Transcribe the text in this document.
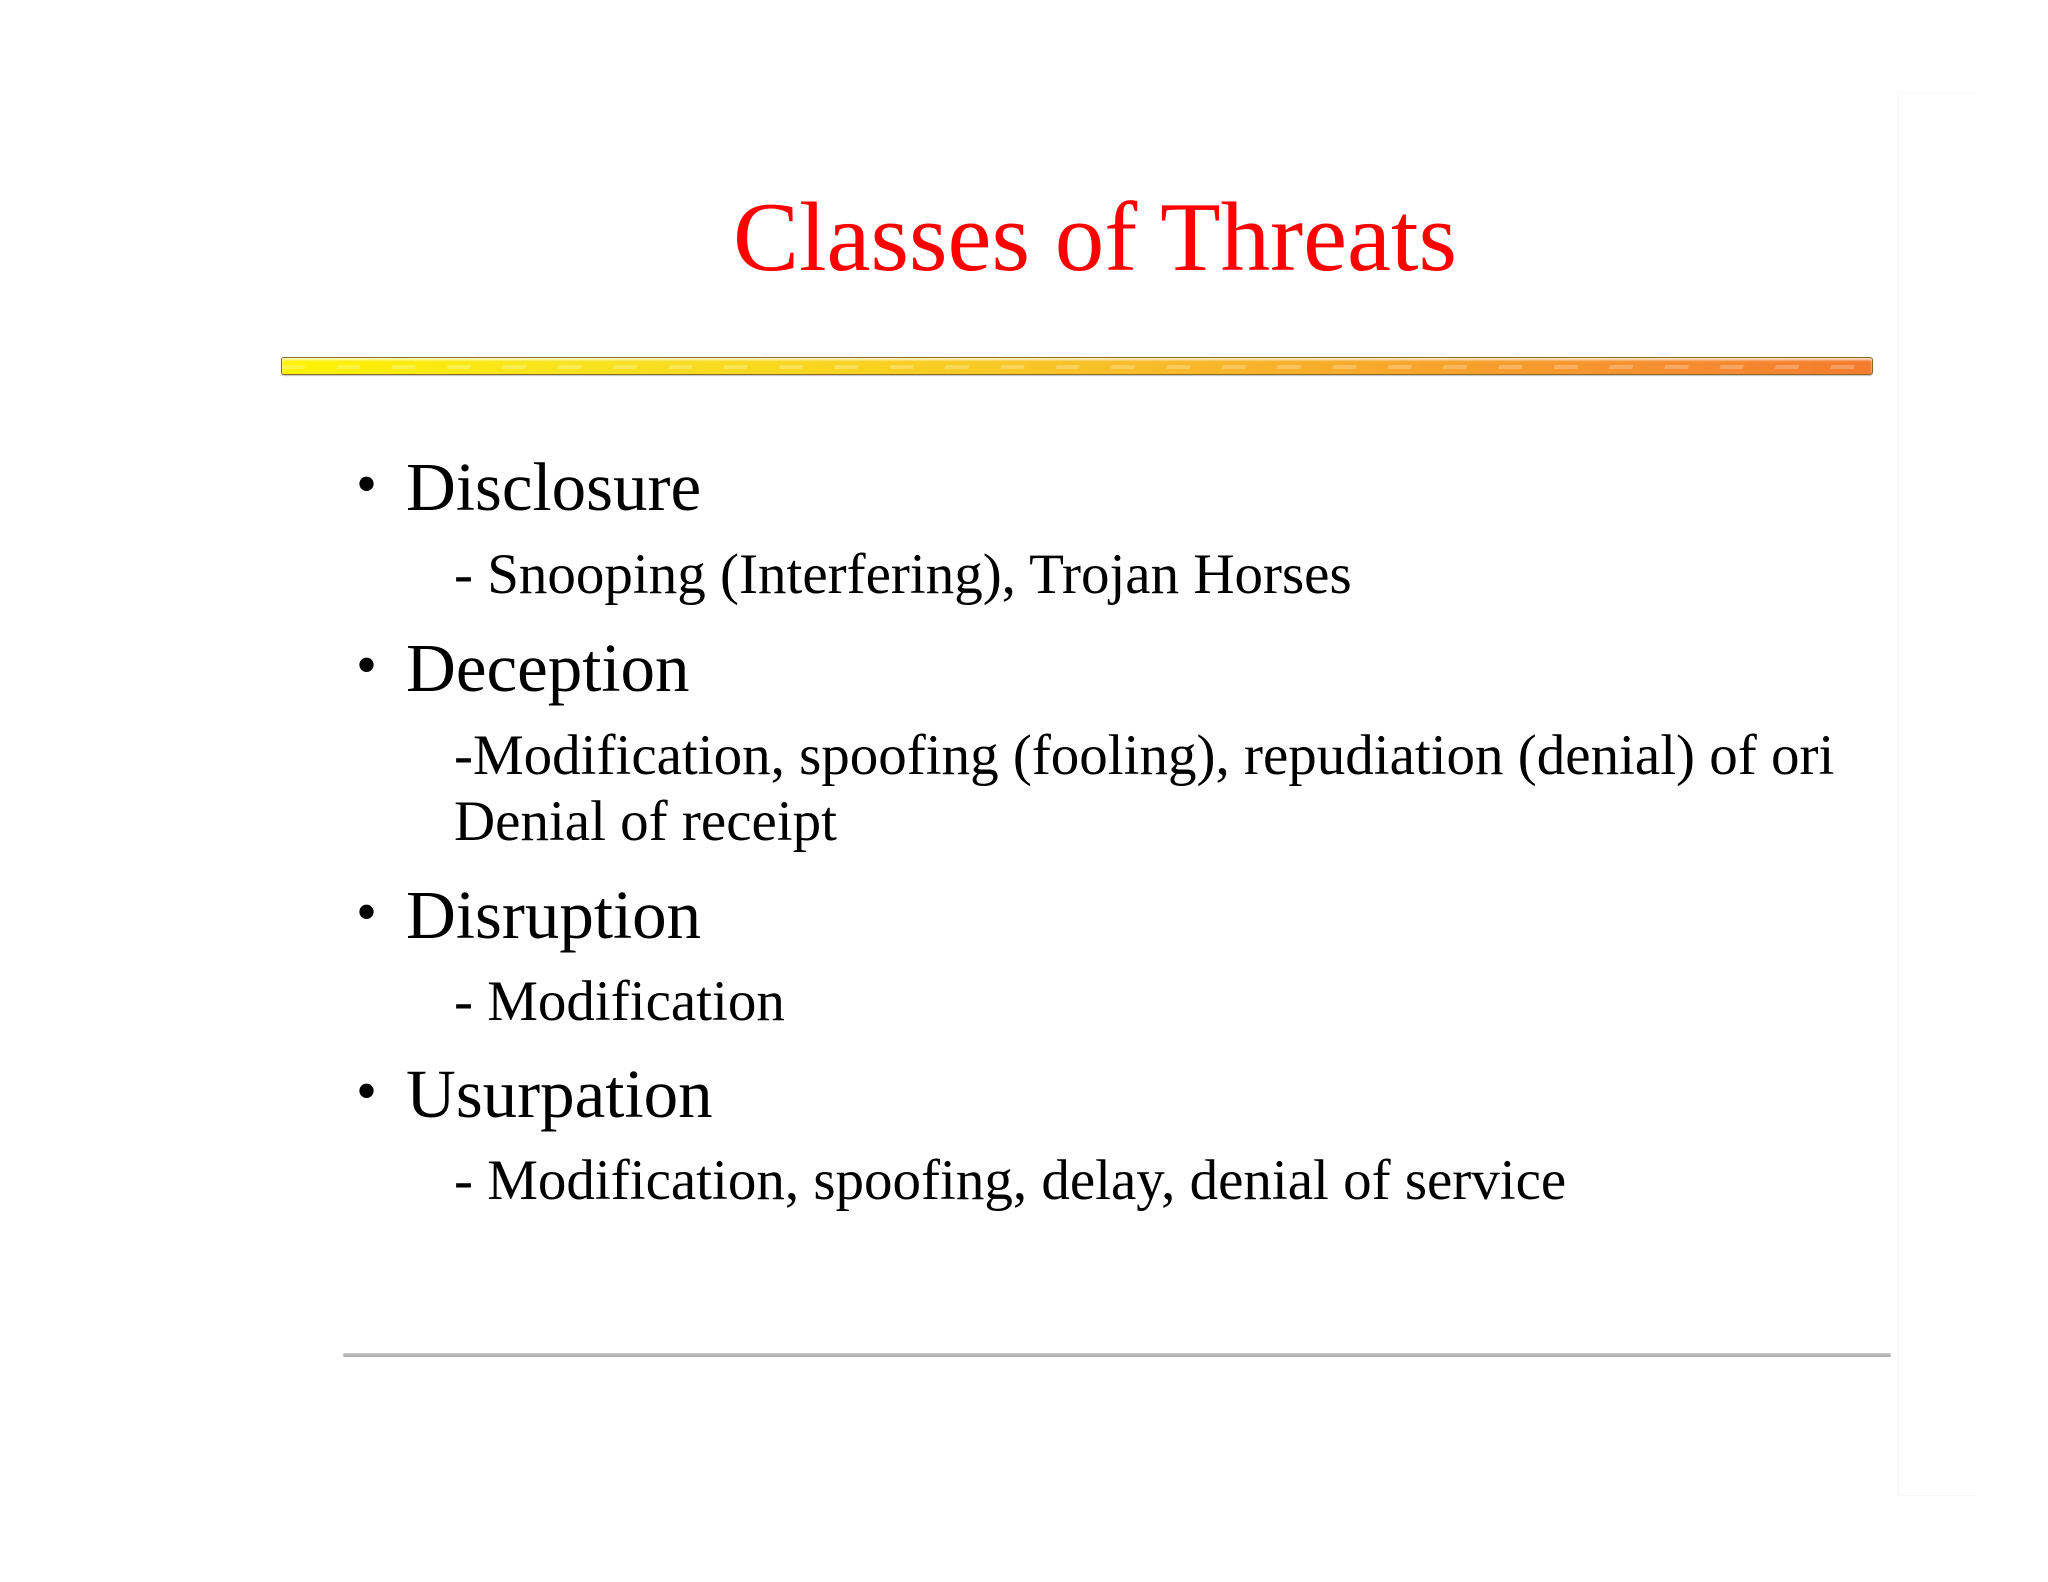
Classes of Threats
• Disclosure
- Snooping (Interfering), Trojan Horses
• Deception
-Modification, spoofing (fooling), repudiation (denial) of ori
Denial of receipt
• Disruption
- Modification
• Usurpation
- Modification, spoofing, delay, denial of service
